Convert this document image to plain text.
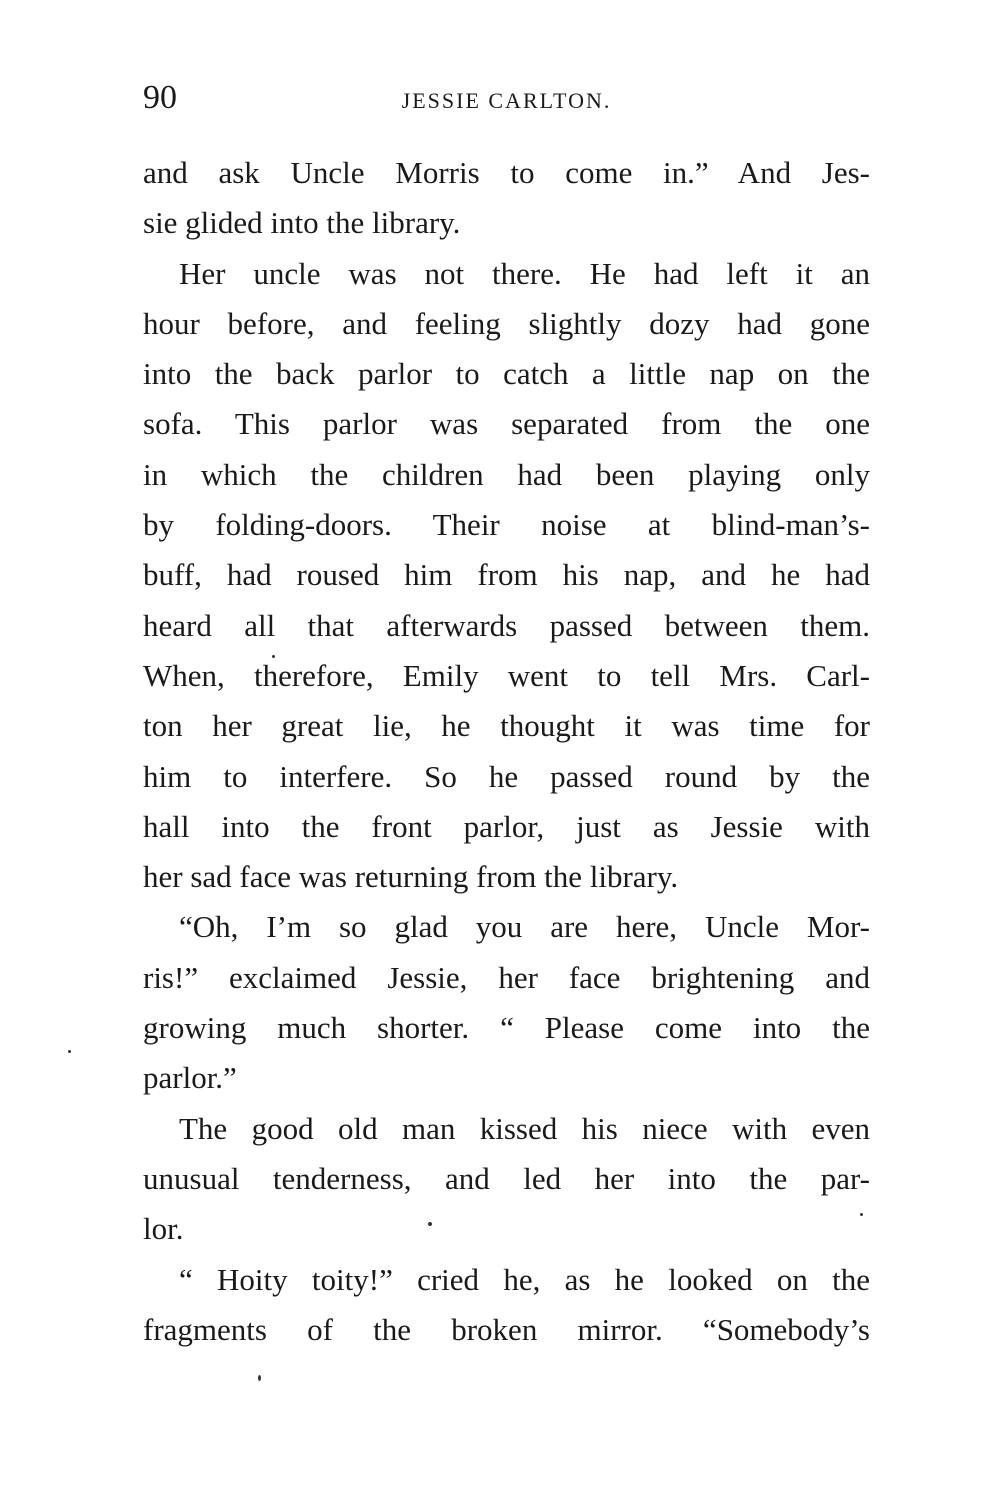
90	JESSIE CARLTON.
and ask Uncle Morris to come in.” And Jes-
sie glided into the library.
Her uncle was not there. He had left it an
hour before, and feeling slightly dozy had gone
into the back parlor to catch a little nap on the
sofa. This parlor was separated from the one
in which the children had been playing only
by folding-doors. Their noise at blind-man’s-
buff, had roused him from his nap, and he had
heard all that afterwards passed between them.
When, therefore, Emily went to tell Mrs. Carl-
ton her great lie, he thought it was time for
him to interfere. So he passed round by the
hall into the front parlor, just as Jessie with
her sad face was returning from the library.
“Oh, I’m so glad you are here, Uncle Mor-
ris!” exclaimed Jessie, her face brightening and
growing much shorter. “ Please come into the
parlor.”
The good old man kissed his niece with even
unusual tenderness, and led her into the par-
lor.
“ Hoity toity!” cried he, as he looked on the
fragments of the broken mirror. “Somebody’s
